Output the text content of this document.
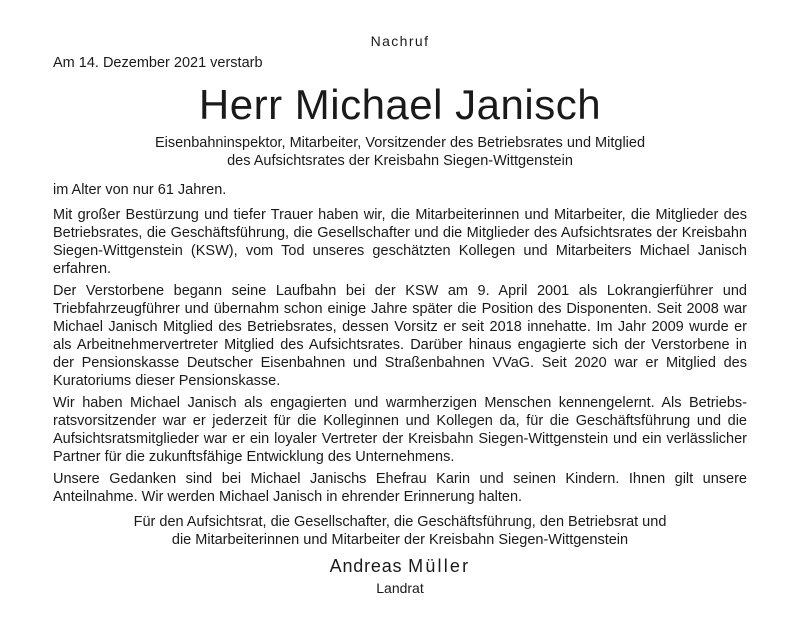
Nachruf
Am 14. Dezember 2021 verstarb
Herr Michael Janisch
Eisenbahninspektor, Mitarbeiter, Vorsitzender des Betriebsrates und Mitglied
des Aufsichtsrates der Kreisbahn Siegen-Wittgenstein
im Alter von nur 61 Jahren.

Mit großer Bestürzung und tiefer Trauer haben wir, die Mitarbeiterinnen und Mitarbeiter, die Mitglieder des Betriebsrates, die Geschäftsführung, die Gesellschafter und die Mitglieder des Aufsichtsrates der Kreisbahn Siegen-Wittgenstein (KSW), vom Tod unseres geschätzten Kollegen und Mitarbeiters Michael Janisch erfahren.

Der Verstorbene begann seine Laufbahn bei der KSW am 9. April 2001 als Lokrangierführer und Triebfahrzeugführer und übernahm schon einige Jahre später die Position des Disponenten. Seit 2008 war Michael Janisch Mitglied des Betriebsrates, dessen Vorsitz er seit 2018 innehatte. Im Jahr 2009 wurde er als Arbeitnehmervertreter Mitglied des Aufsichtsrates. Darüber hinaus engagierte sich der Verstorbene in der Pensionskasse Deutscher Eisenbahnen und Straßenbahnen VVaG. Seit 2020 war er Mitglied des Kuratoriums dieser Pensionskasse.

Wir haben Michael Janisch als engagierten und warmherzigen Menschen kennengelernt. Als Betriebsratsvorsitzender war er jederzeit für die Kolleginnen und Kollegen da, für die Geschäftsführung und die Aufsichtsratsmitglieder war er ein loyaler Vertreter der Kreisbahn Siegen-Wittgenstein und ein verlässlicher Partner für die zukunftsfähige Entwicklung des Unternehmens.

Unsere Gedanken sind bei Michael Janischs Ehefrau Karin und seinen Kindern. Ihnen gilt unsere Anteilnahme. Wir werden Michael Janisch in ehrender Erinnerung halten.

Für den Aufsichtsrat, die Gesellschafter, die Geschäftsführung, den Betriebsrat und
die Mitarbeiterinnen und Mitarbeiter der Kreisbahn Siegen-Wittgenstein
Andreas Müller
Landrat
